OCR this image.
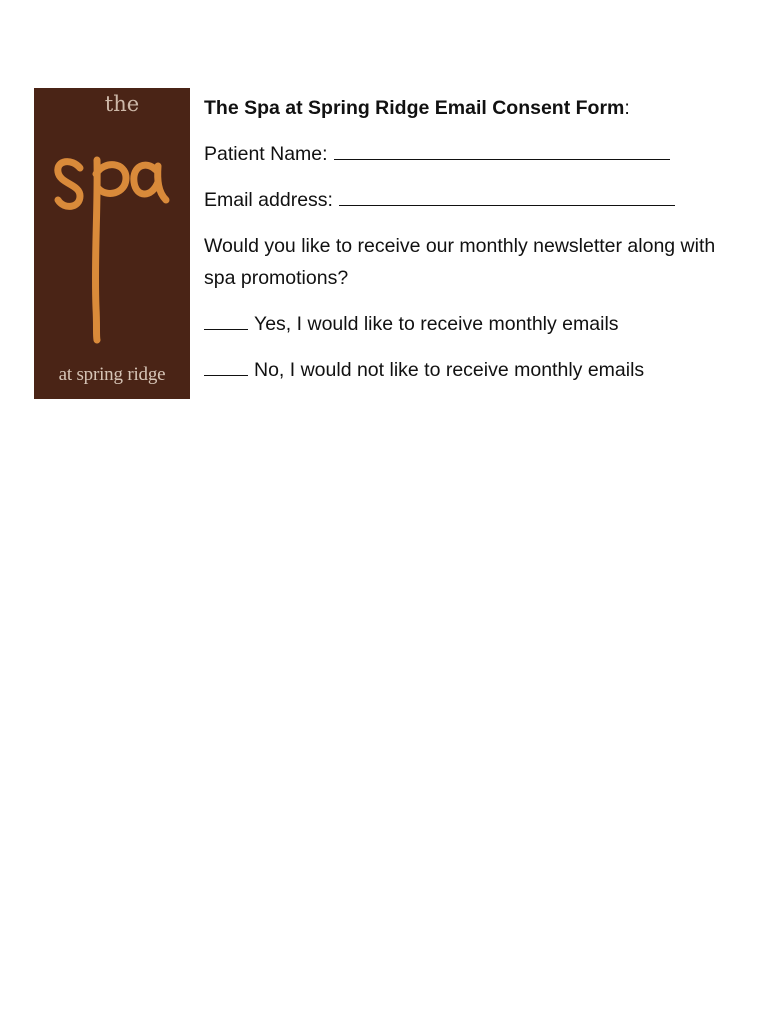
the
at spring ridge

The Spa at Spring Ridge Email Consent Form:

Patient Name:

Email address:

Would you like to receive our monthly newsletter along with spa promotions?

Yes, I would like to receive monthly emails

No, I would not like to receive monthly emails
